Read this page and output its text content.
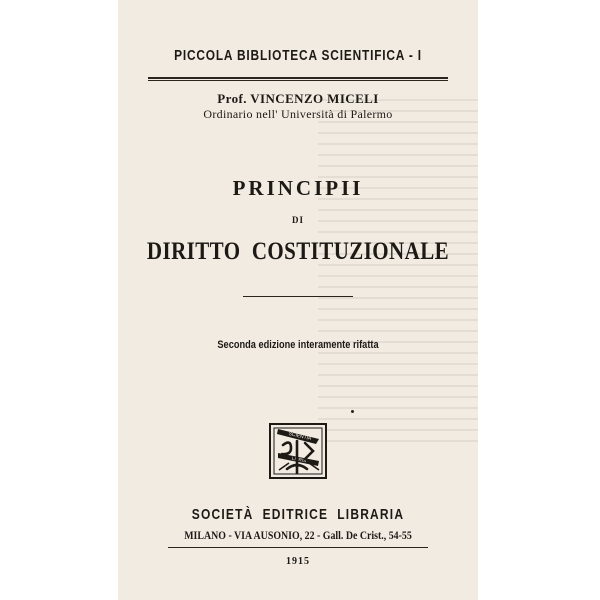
PICCOLA BIBLIOTECA SCIENTIFICA - I
Prof. VINCENZO MICELI
Ordinario nell' Università di Palermo
PRINCIPII
DI
DIRITTO  COSTITUZIONALE
Seconda edizione interamente rifatta
SCIENTIA
LIBRIS
SOCIETÀ  EDITRICE  LIBRARIA
MILANO - VIA AUSONIO, 22 - Gall. De Crist., 54-55
1915
